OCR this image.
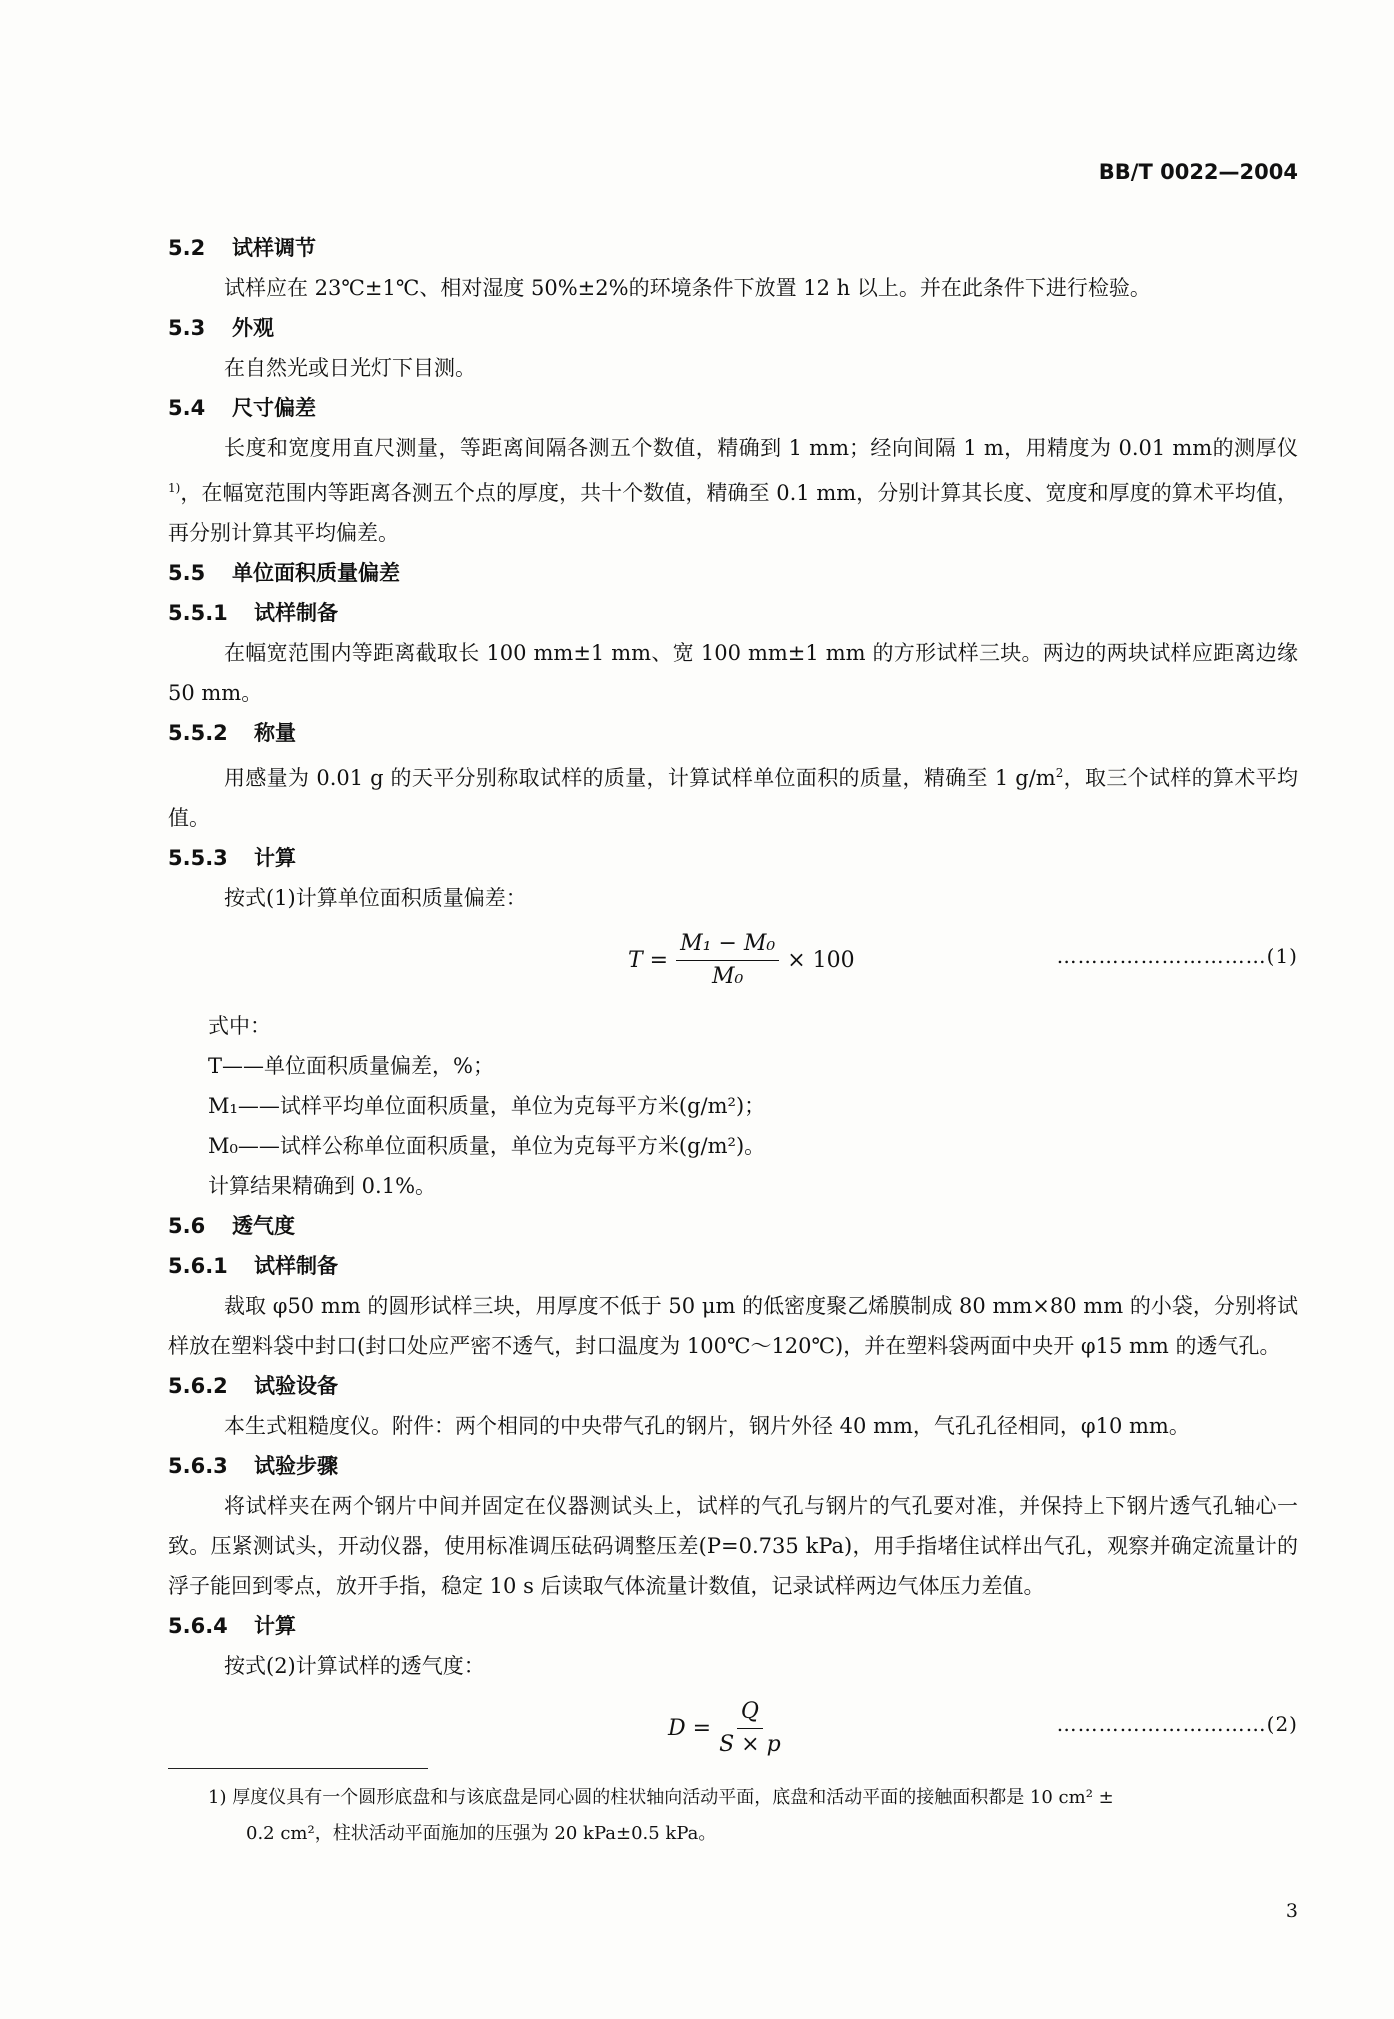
BB/T 0022—2004
5.2 试样调节

试样应在 23℃±1℃、相对湿度 50%±2%的环境条件下放置 12 h 以上。并在此条件下进行检验。

5.3 外观

在自然光或日光灯下目测。

5.4 尺寸偏差

长度和宽度用直尺测量，等距离间隔各测五个数值，精确到 1 mm；经向间隔 1 m，用精度为 0.01 mm的测厚仪$^{1)}$，在幅宽范围内等距离各测五个点的厚度，共十个数值，精确至 0.1 mm，分别计算其长度、宽度和厚度的算术平均值，再分别计算其平均偏差。

5.5 单位面积质量偏差
5.5.1 试样制备

在幅宽范围内等距离截取长 100 mm±1 mm、宽 100 mm±1 mm 的方形试样三块。两边的两块试样应距离边缘 50 mm。

5.5.2 称量

用感量为 0.01 g 的天平分别称取试样的质量，计算试样单位面积的质量，精确至 1 $g/m^2$，取三个试样的算术平均值。

5.5.3 计算

按式(1)计算单位面积质量偏差：

$T = \frac{\text{M₁ − M₀}}{\text{M₀}} \times 100$	…………………………(1)
式中：
T——单位面积质量偏差，%；
M₁——试样平均单位面积质量，单位为克每平方米(g/m²)；
M₀——试样公称单位面积质量，单位为克每平方米(g/m²)。
计算结果精确到 0.1%。
5.6 透气度
5.6.1 试样制备

裁取 φ50 mm 的圆形试样三块，用厚度不低于 50 μm 的低密度聚乙烯膜制成 80 mm×80 mm 的小袋，分别将试样放在塑料袋中封口(封口处应严密不透气，封口温度为 100℃～120℃)，并在塑料袋两面中央开 φ15 mm 的透气孔。

5.6.2 试验设备

本生式粗糙度仪。附件：两个相同的中央带气孔的钢片，钢片外径 40 mm，气孔孔径相同，φ10 mm。

5.6.3 试验步骤

将试样夹在两个钢片中间并固定在仪器测试头上，试样的气孔与钢片的气孔要对准，并保持上下钢片透气孔轴心一致。压紧测试头，开动仪器，使用标准调压砝码调整压差(P=0.735 kPa)，用手指堵住试样出气孔，观察并确定流量计的浮子能回到零点，放开手指，稳定 10 s 后读取气体流量计数值，记录试样两边气体压力差值。

5.6.4 计算

按式(2)计算试样的透气度：

$D = \frac{Q}{S \times p}$	…………………………(2)
1) 厚度仪具有一个圆形底盘和与该底盘是同心圆的柱状轴向活动平面，底盘和活动平面的接触面积都是 10 cm² ±
0.2 cm²，柱状活动平面施加的压强为 20 kPa±0.5 kPa。
3
